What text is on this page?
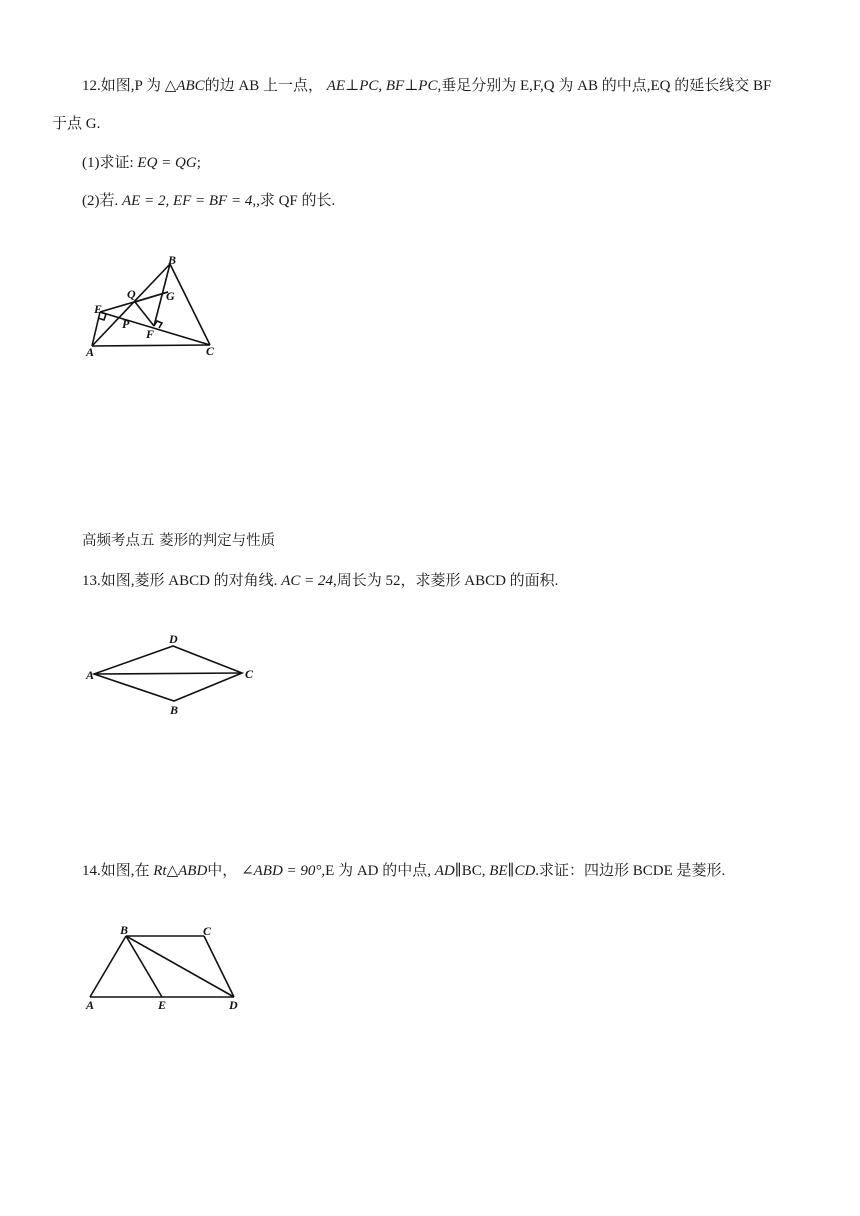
12.如图,P 为 △ABC的边 AB 上一点， AE⊥PC, BF⊥PC,垂足分别为 E,F,Q 为 AB 的中点,EQ 的延长线交 BF
于点 G.
(1)求证: EQ = QG;
(2)若. AE = 2, EF = BF = 4,,求 QF 的长.
B
Q	G
E
P
F
A	C
高频考点五 菱形的判定与性质
13.如图,菱形 ABCD 的对角线. AC = 24,周长为 52，求菱形 ABCD 的面积.
A
D
C
B
14.如图,在 Rt△ABD中， ∠ABD = 90°,E 为 AD 的中点, AD∥BC, BE∥CD.求证：四边形 BCDE 是菱形.
B	C
A	E	D
